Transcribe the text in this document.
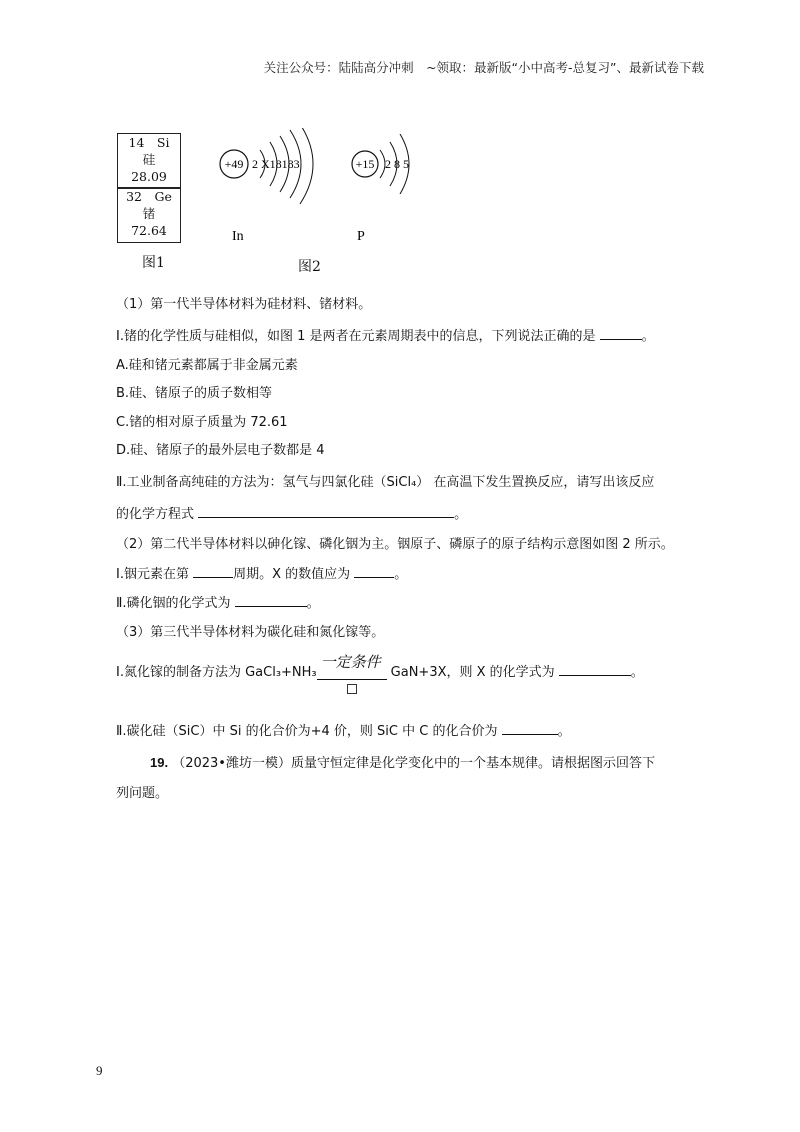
关注公众号：陆陆高分冲刺　~领取：最新版“小中高考-总复习”、最新试卷下载
14　Si
硅
28.09
32　Ge
锗
72.64
+49 2 X18183
In
+15 2 8 5
P
图1	图2
（1）第一代半导体材料为硅材料、锗材料。
Ⅰ.锗的化学性质与硅相似，如图 1 是两者在元素周期表中的信息，下列说法正确的是	。
A.硅和锗元素都属于非金属元素
B.硅、锗原子的质子数相等
C.锗的相对原子质量为 72.61
D.硅、锗原子的最外层电子数都是 4
Ⅱ.工业制备高纯硅的方法为：氢气与四氯化硅（SiCl₄） 在高温下发生置换反应，请写出该反应
的化学方程式	。
（2）第二代半导体材料以砷化镓、磷化铟为主。铟原子、磷原子的原子结构示意图如图 2 所示。
Ⅰ.铟元素在第	周期。X 的数值应为	。
Ⅱ.磷化铟的化学式为	。
（3）第三代半导体材料为碳化硅和氮化镓等。
Ⅰ.氮化镓的制备方法为 GaCl₃+NH₃
一定条件
GaN+3X，则 X 的化学式为	。
Ⅱ.碳化硅（SiC）中 Si 的化合价为+4 价，则 SiC 中 C 的化合价为	。
19. （2023•潍坊一模）质量守恒定律是化学变化中的一个基本规律。请根据图示回答下
列问题。
9
